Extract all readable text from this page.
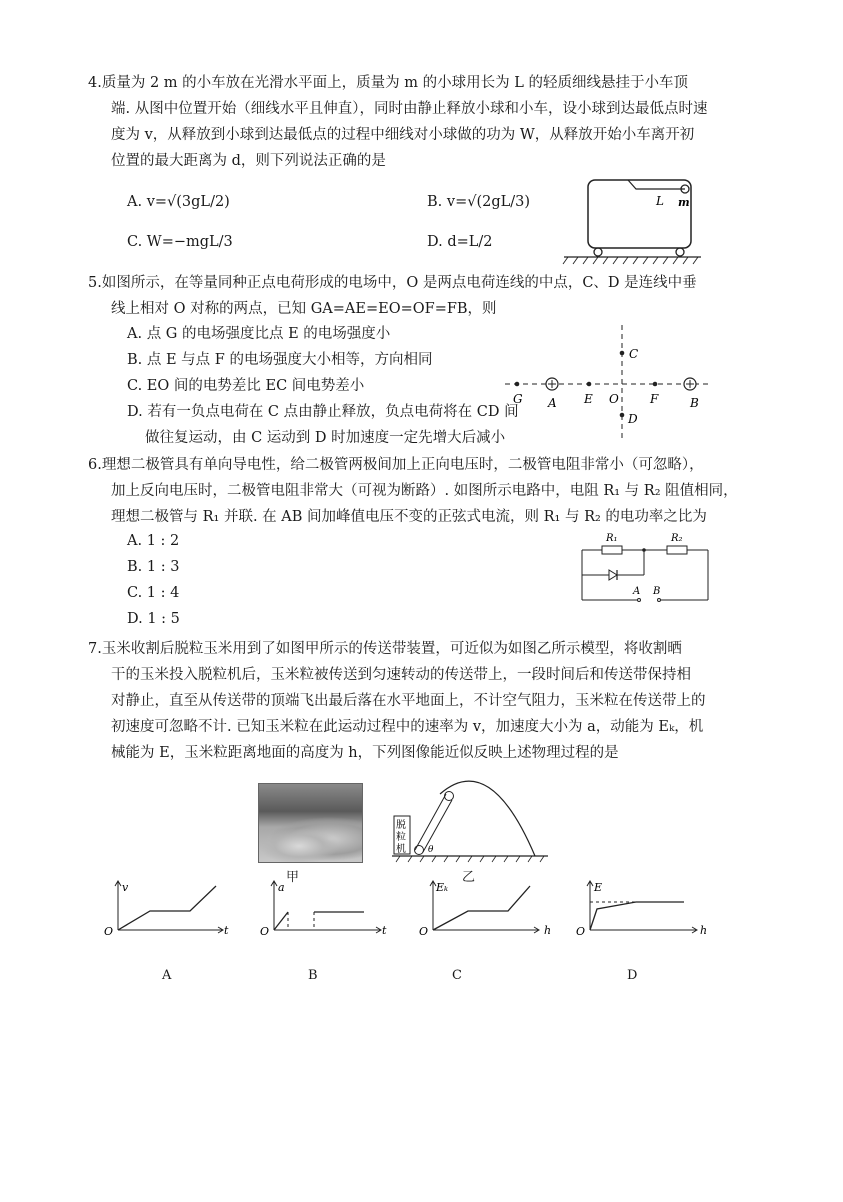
4.质量为 2 m 的小车放在光滑水平面上，质量为 m 的小球用长为 L 的轻质细线悬挂于小车顶
端. 从图中位置开始（细线水平且伸直），同时由静止释放小球和小车，设小球到达最低点时速
度为 v，从释放到小球到达最低点的过程中细线对小球做的功为 W，从释放开始小车离开初
位置的最大距离为 d，则下列说法正确的是
A. v=√(3gL/2)	B. v=√(2gL/3)
C. W=−mgL/3	D. d=L/2
L m
5.如图所示，在等量同种正点电荷形成的电场中，O 是两点电荷连线的中点，C、D 是连线中垂
线上相对 O 对称的两点，已知 GA=AE=EO=OF=FB，则
A. 点 G 的电场强度比点 E 的电场强度小
B. 点 E 与点 F 的电场强度大小相等，方向相同
C. EO 间的电势差比 EC 间电势差小
D. 若有一负点电荷在 C 点由静止释放，负点电荷将在 CD 间
做往复运动，由 C 运动到 D 时加速度一定先增大后减小
G A E O	F	B
C
D
6.理想二极管具有单向导电性，给二极管两极间加上正向电压时，二极管电阻非常小（可忽略），
加上反向电压时，二极管电阻非常大（可视为断路）. 如图所示电路中，电阻 R₁ 与 R₂ 阻值相同，
理想二极管与 R₁ 并联. 在 AB 间加峰值电压不变的正弦式电流，则 R₁ 与 R₂ 的电功率之比为
A. 1 : 2
B. 1 : 3
C. 1 : 4
D. 1 : 5
R₁	R₂
A B
7.玉米收割后脱粒玉米用到了如图甲所示的传送带装置，可近似为如图乙所示模型，将收割晒
干的玉米投入脱粒机后，玉米粒被传送到匀速转动的传送带上，一段时间后和传送带保持相
对静止，直至从传送带的顶端飞出最后落在水平地面上，不计空气阻力，玉米粒在传送带上的
初速度可忽略不计. 已知玉米粒在此运动过程中的速率为 v，加速度大小为 a，动能为 Eₖ，机
械能为 E，玉米粒距离地面的高度为 h，下列图像能近似反映上述物理过程的是
甲
脱
粒
机 θ
乙
v
t
O
A
a
t
O
B
Eₖ
h
O
C
E
h
O
D
